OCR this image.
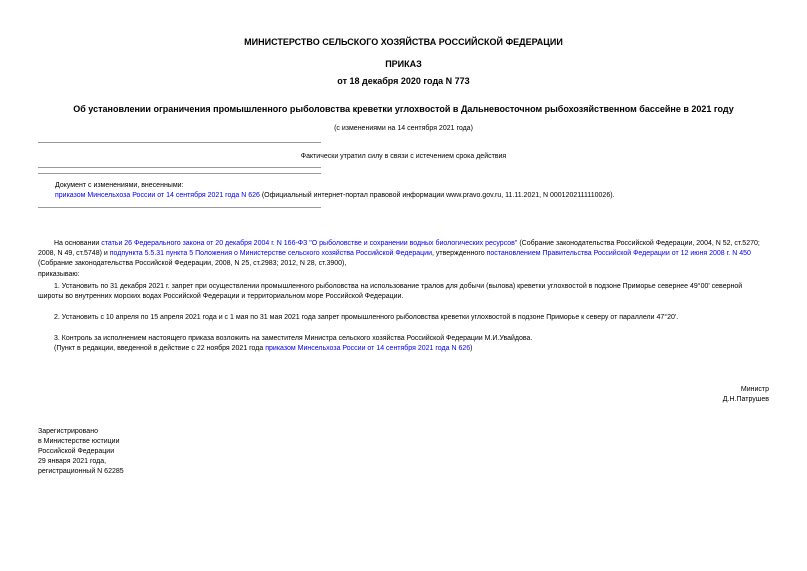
МИНИСТЕРСТВО СЕЛЬСКОГО ХОЗЯЙСТВА РОССИЙСКОЙ ФЕДЕРАЦИИ
ПРИКАЗ
от 18 декабря 2020 года N 773
Об установлении ограничения промышленного рыболовства креветки углохвостой в Дальневосточном рыбохозяйственном бассейне в 2021 году
(с изменениями на 14 сентября 2021 года)
Фактически утратил силу в связи с истечением срока действия
Документ с изменениями, внесенными:
приказом Минсельхоза России от 14 сентября 2021 года N 626 (Официальный интернет-портал правовой информации www.pravo.gov.ru, 11.11.2021, N 0001202111110026).
На основании статьи 26 Федерального закона от 20 декабря 2004 г. N 166-ФЗ "О рыболовстве и сохранении водных биологических ресурсов" (Собрание законодательства Российской Федерации, 2004, N 52, ст.5270; 2008, N 49, ст.5748) и подпункта 5.5.31 пункта 5 Положения о Министерстве сельского хозяйства Российской Федерации, утвержденного постановлением Правительства Российской Федерации от 12 июня 2008 г. N 450 (Собрание законодательства Российской Федерации, 2008, N 25, ст.2983; 2012, N 28, ст.3900),
приказываю:
1. Установить по 31 декабря 2021 г. запрет при осуществлении промышленного рыболовства на использование тралов для добычи (вылова) креветки углохвостой в подзоне Приморье севернее 49°00' северной широты во внутренних морских водах Российской Федерации и территориальном море Российской Федерации.
2. Установить с 10 апреля по 15 апреля 2021 года и с 1 мая по 31 мая 2021 года запрет промышленного рыболовства креветки углохвостой в подзоне Приморье к северу от параллели 47°20'.
3. Контроль за исполнением настоящего приказа возложить на заместителя Министра сельского хозяйства Российской Федерации М.И.Увайдова.
(Пункт в редакции, введенной в действие с 22 ноября 2021 года приказом Минсельхоза России от 14 сентября 2021 года N 626)
Министр
Д.Н.Патрушев
Зарегистрировано
в Министерстве юстиции
Российской Федерации
29 января 2021 года,
регистрационный N 62285
